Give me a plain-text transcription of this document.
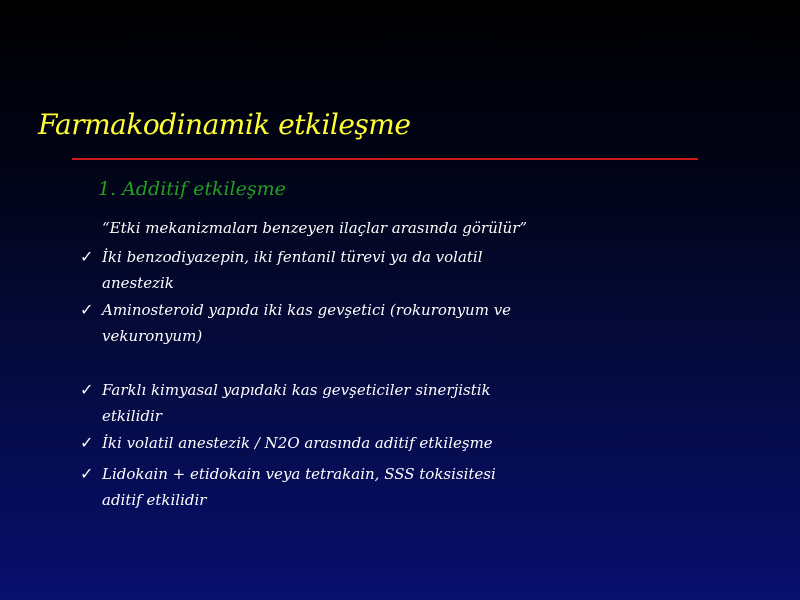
Farmakodinamik etkileşme
1. Additif etkileşme
“Etki mekanizmaları benzeyen ilaçlar arasında görülür”
✓ İki benzodiyazepin, iki fentanil türevi ya da volatil anestezik
✓ Aminosteroid yapıda iki kas gevşetici (rokuronyum ve vekuronyum)
✓ Farklı kimyasal yapıdaki kas gevşeticiler sinerjistik etkilidir
✓ İki volatil anestezik / N2O arasında aditif etkileşme
✓ Lidokain + etidokain veya tetrakain, SSS toksisitesi aditif etkilidir
